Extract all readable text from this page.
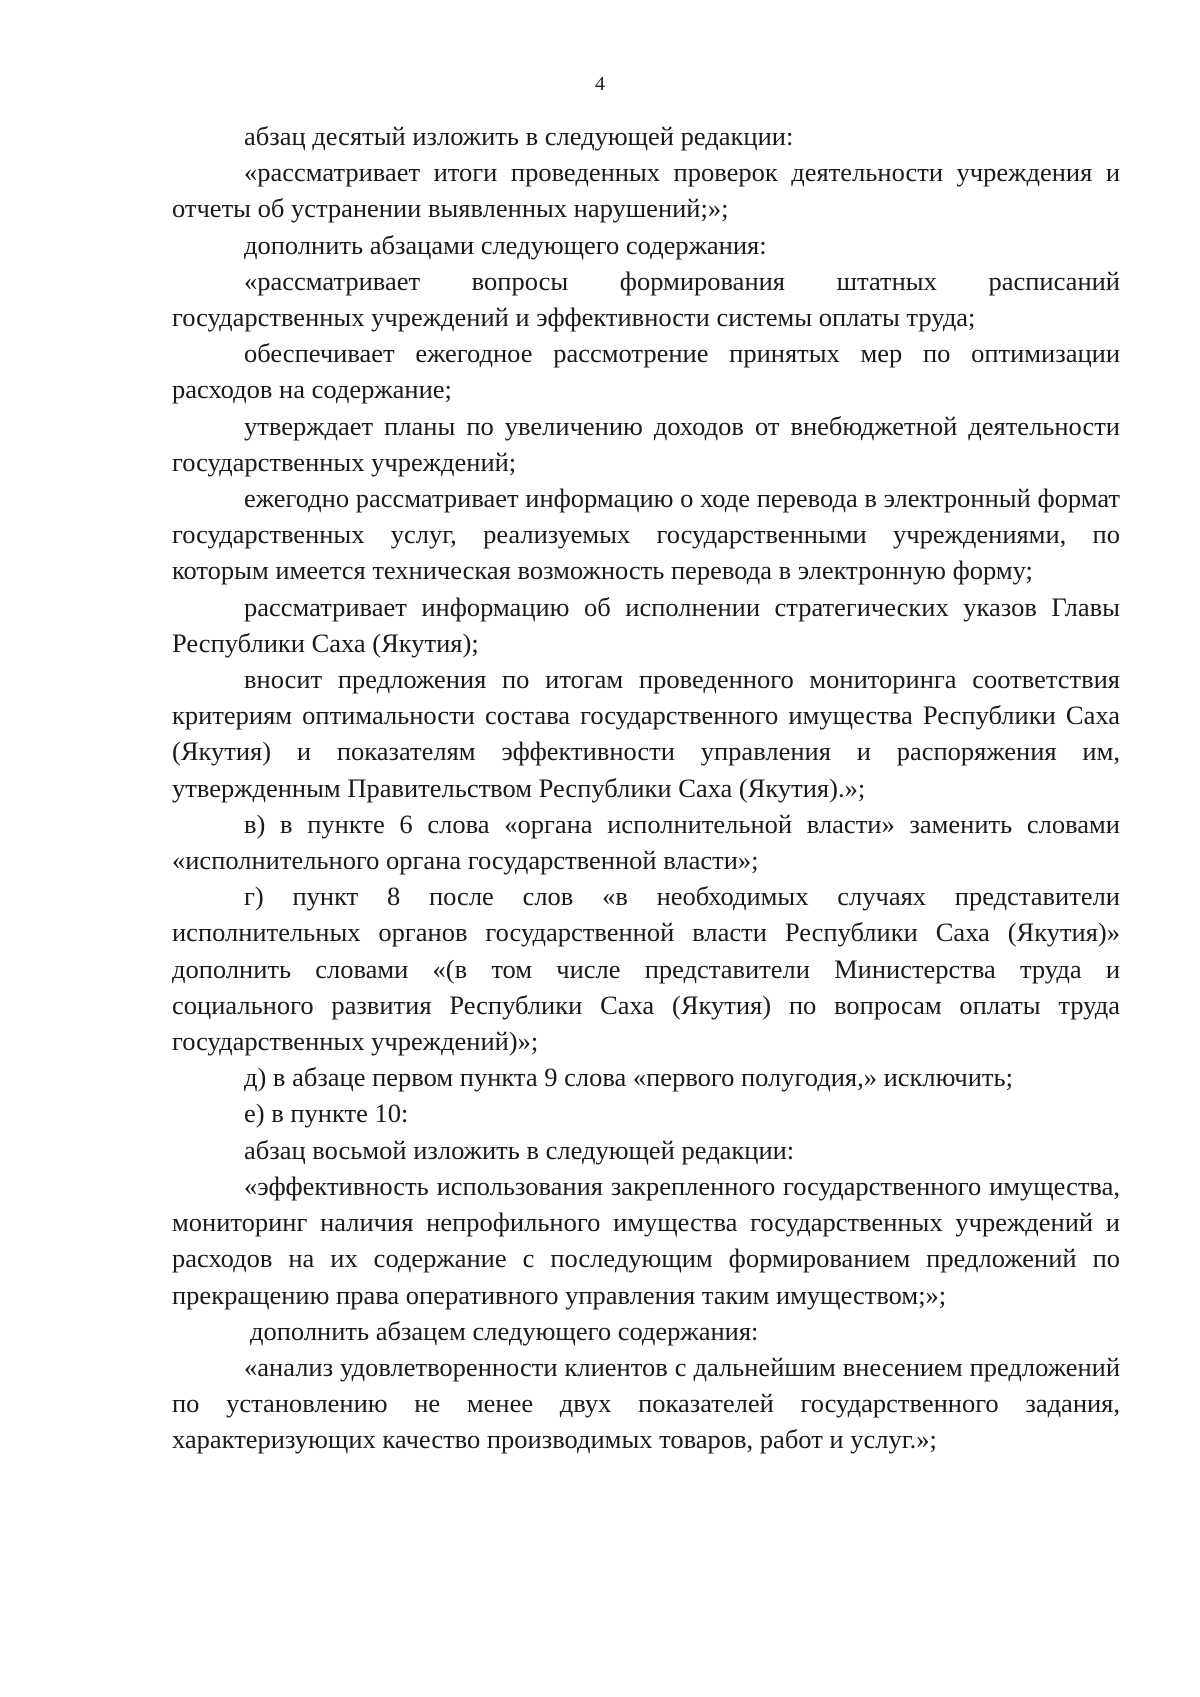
4

абзац десятый изложить в следующей редакции:

«рассматривает итоги проведенных проверок деятельности учреждения и отчеты об устранении выявленных нарушений;»;

дополнить абзацами следующего содержания:

«рассматривает вопросы формирования штатных расписаний государственных учреждений и эффективности системы оплаты труда;

обеспечивает ежегодное рассмотрение принятых мер по оптимизации расходов на содержание;

утверждает планы по увеличению доходов от внебюджетной деятельности государственных учреждений;

ежегодно рассматривает информацию о ходе перевода в электронный формат государственных услуг, реализуемых государственными учреждениями, по которым имеется техническая возможность перевода в электронную форму;

рассматривает информацию об исполнении стратегических указов Главы Республики Саха (Якутия);

вносит предложения по итогам проведенного мониторинга соответствия критериям оптимальности состава государственного имущества Республики Саха (Якутия) и показателям эффективности управления и распоряжения им, утвержденным Правительством Республики Саха (Якутия).»;

в) в пункте 6 слова «органа исполнительной власти» заменить словами «исполнительного органа государственной власти»;

г) пункт 8 после слов «в необходимых случаях представители исполнительных органов государственной власти Республики Саха (Якутия)» дополнить словами «(в том числе представители Министерства труда и социального развития Республики Саха (Якутия) по вопросам оплаты труда государственных учреждений)»;

д) в абзаце первом пункта 9 слова «первого полугодия,» исключить;

е) в пункте 10:

абзац восьмой изложить в следующей редакции:

«эффективность использования закрепленного государственного имущества, мониторинг наличия непрофильного имущества государственных учреждений и расходов на их содержание с последующим формированием предложений по прекращению права оперативного управления таким имуществом;»;

дополнить абзацем следующего содержания:

«анализ удовлетворенности клиентов с дальнейшим внесением предложений по установлению не менее двух показателей государственного задания, характеризующих качество производимых товаров, работ и услуг.»;
